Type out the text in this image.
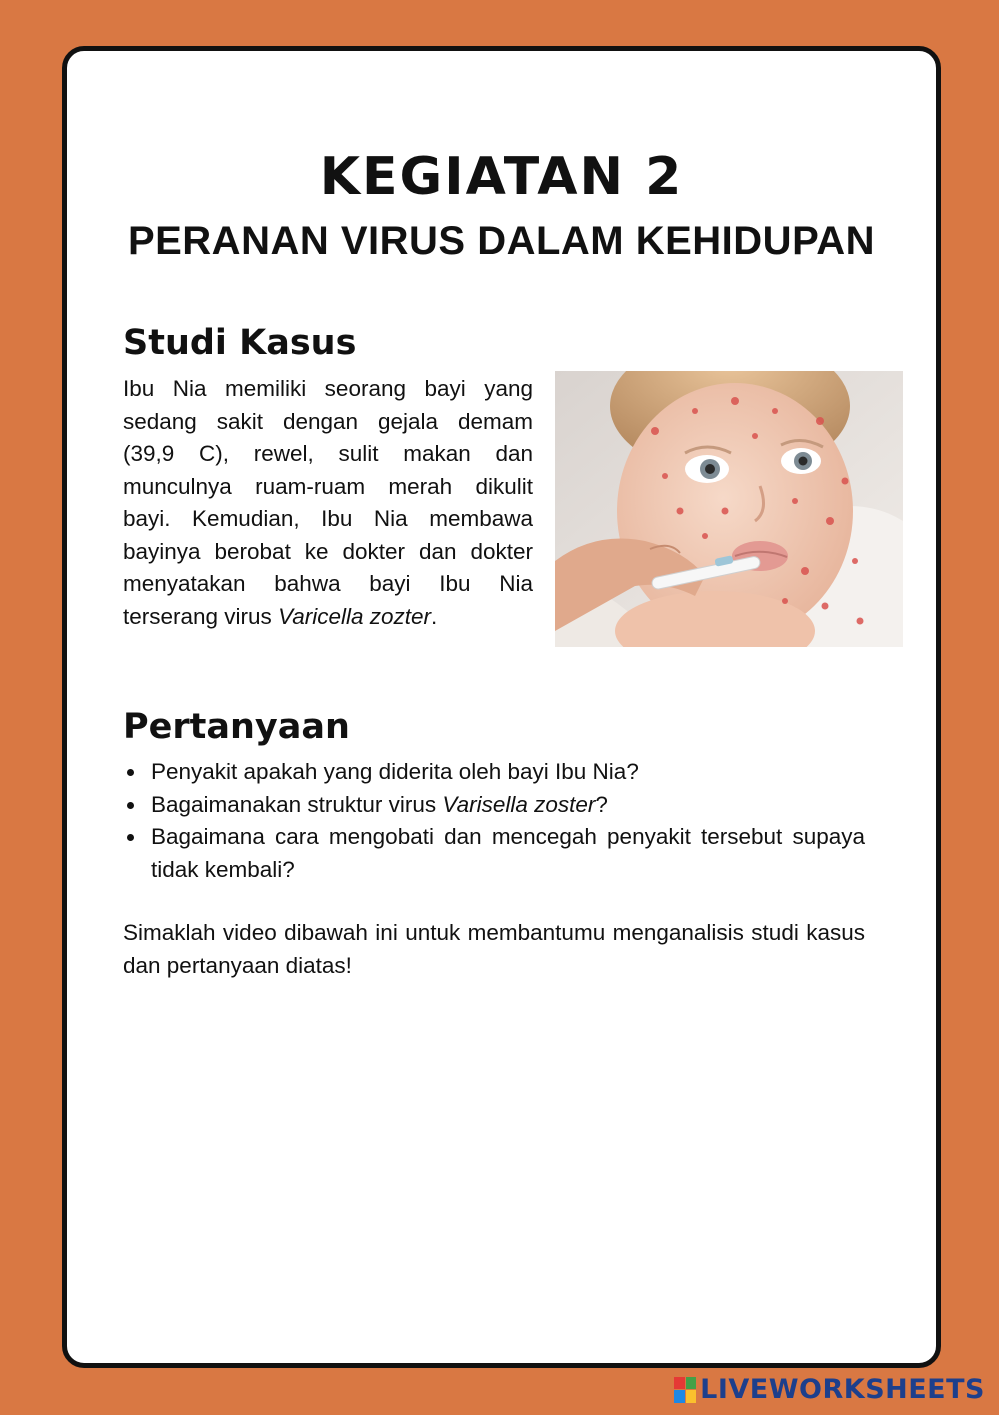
KEGIATAN 2
PERANAN VIRUS DALAM KEHIDUPAN
Studi Kasus

Ibu Nia memiliki seorang bayi yang sedang sakit dengan gejala demam (39,9 C), rewel, sulit makan dan munculnya ruam-ruam merah dikulit bayi. Kemudian, Ibu Nia membawa bayinya berobat ke dokter dan dokter menyatakan bahwa bayi Ibu Nia terserang virus Varicella zozter.

Pertanyaan
Penyakit apakah yang diderita oleh bayi Ibu Nia?
Bagaimanakan struktur virus Varisella zoster?
Bagaimana cara mengobati dan mencegah penyakit tersebut supaya tidak kembali?

Simaklah video dibawah ini untuk membantumu menganalisis studi kasus dan pertanyaan diatas!

LIVEWORKSHEETS
